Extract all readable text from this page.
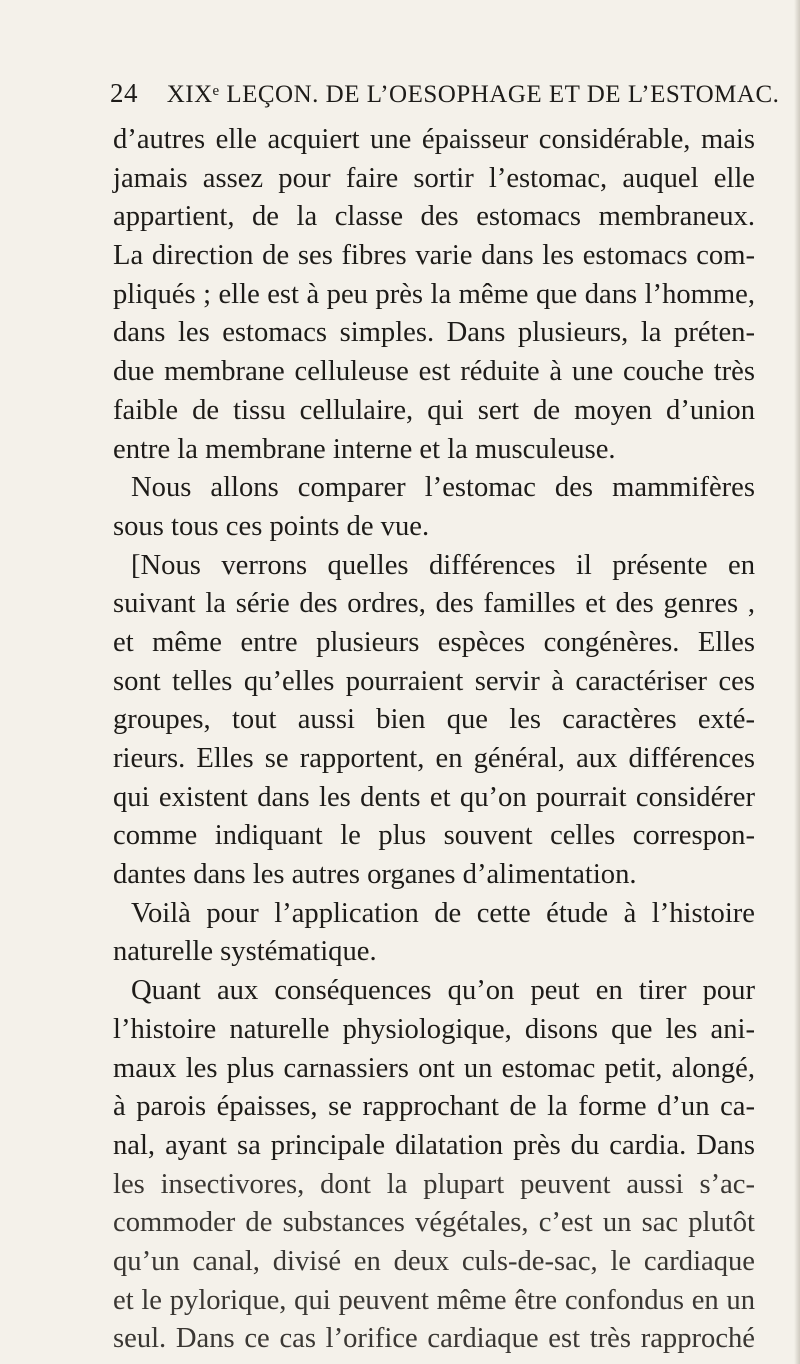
24 XIXᵉ LEÇON. DE L’OESOPHAGE ET DE L’ESTOMAC.
d’autres elle acquiert une épaisseur considérable, mais
jamais assez pour faire sortir l’estomac, auquel elle
appartient, de la classe des estomacs membraneux.
La direction de ses fibres varie dans les estomacs com-
pliqués ; elle est à peu près la même que dans l’homme,
dans les estomacs simples. Dans plusieurs, la préten-
due membrane celluleuse est réduite à une couche très
faible de tissu cellulaire, qui sert de moyen d’union
entre la membrane interne et la musculeuse.
Nous allons comparer l’estomac des mammifères
sous tous ces points de vue.
[Nous verrons quelles différences il présente en
suivant la série des ordres, des familles et des genres ,
et même entre plusieurs espèces congénères. Elles
sont telles qu’elles pourraient servir à caractériser ces
groupes, tout aussi bien que les caractères exté-
rieurs. Elles se rapportent, en général, aux différences
qui existent dans les dents et qu’on pourrait considérer
comme indiquant le plus souvent celles correspon-
dantes dans les autres organes d’alimentation.
Voilà pour l’application de cette étude à l’histoire
naturelle systématique.
Quant aux conséquences qu’on peut en tirer pour
l’histoire naturelle physiologique, disons que les ani-
maux les plus carnassiers ont un estomac petit, alongé,
à parois épaisses, se rapprochant de la forme d’un ca-
nal, ayant sa principale dilatation près du cardia. Dans
les insectivores, dont la plupart peuvent aussi s’ac-
commoder de substances végétales, c’est un sac plutôt
qu’un canal, divisé en deux culs-de-sac, le cardiaque
et le pylorique, qui peuvent même être confondus en un
seul. Dans ce cas l’orifice cardiaque est très rapproché
